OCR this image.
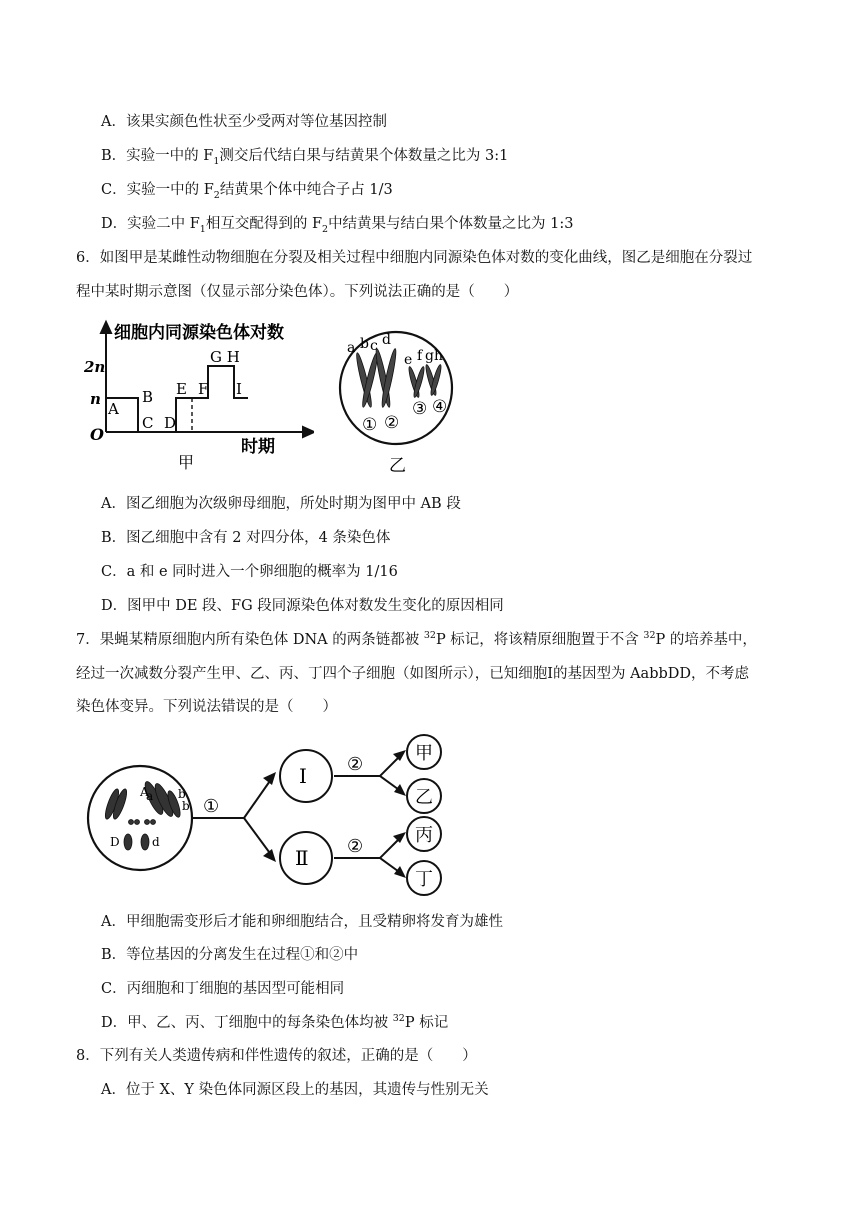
A．该果实颜色性状至少受两对等位基因控制
B．实验一中的 $F_1$测交后代结白果与结黄果个体数量之比为 3:1
C．实验一中的 $F_2$结黄果个体中纯合子占 1/3
D．实验二中 $F_1$相互交配得到的 $F_2$中结黄果与结白果个体数量之比为 1:3
6．如图甲是某雌性动物细胞在分裂及相关过程中细胞内同源染色体对数的变化曲线，图乙是细胞在分裂过
程中某时期示意图（仅显示部分染色体）。下列说法正确的是（　　）
细胞内同源染色体对数
2n
n
O
A
B
C D
E F
G H
I
时期
甲
a b c d
e f g h
① ②
③ ④
乙
A．图乙细胞为次级卵母细胞，所处时期为图甲中 AB 段
B．图乙细胞中含有 2 对四分体，4 条染色体
C．a 和 e 同时进入一个卵细胞的概率为 1/16
D．图甲中 DE 段、FG 段同源染色体对数发生变化的原因相同
7．果蝇某精原细胞内所有染色体 DNA 的两条链都被 $^{32}$P 标记，将该精原细胞置于不含 $^{32}$P 的培养基中，
经过一次减数分裂产生甲、乙、丙、丁四个子细胞（如图所示），已知细胞Ⅰ的基因型为 AabbDD，不考虑
染色体变异。下列说法错误的是（　　）
A
a b
b
D	d
①
Ⅰ
Ⅱ
②
②
甲
乙
丙
丁
A．甲细胞需变形后才能和卵细胞结合，且受精卵将发育为雄性
B．等位基因的分离发生在过程①和②中
C．丙细胞和丁细胞的基因型可能相同
D．甲、乙、丙、丁细胞中的每条染色体均被 $^{32}$P 标记
8．下列有关人类遗传病和伴性遗传的叙述，正确的是（　　）
A．位于 X、Y 染色体同源区段上的基因，其遗传与性别无关
